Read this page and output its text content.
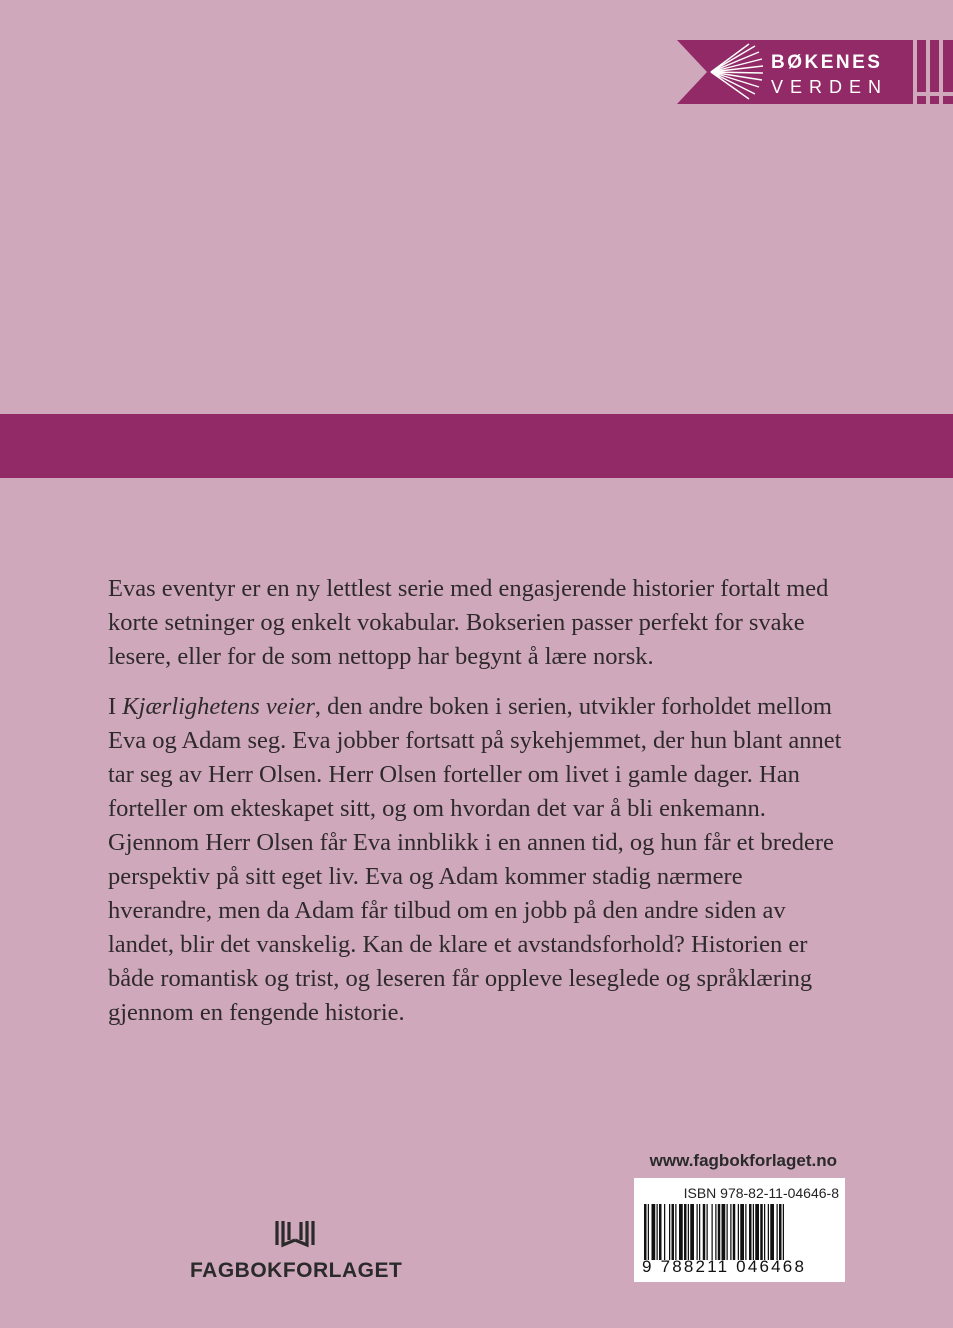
BØKENES
VERDEN

Evas eventyr er en ny lettlest serie med engasjerende historier fortalt med korte setninger og enkelt vokabular. Bokserien passer perfekt for svake lesere, eller for de som nettopp har begynt å lære norsk.

I Kjærlighetens veier, den andre boken i serien, utvikler forholdet mellom Eva og Adam seg. Eva jobber fortsatt på sykehjemmet, der hun blant annet tar seg av Herr Olsen. Herr Olsen forteller om livet i gamle dager. Han forteller om ekteskapet sitt, og om hvordan det var å bli enkemann. Gjennom Herr Olsen får Eva innblikk i en annen tid, og hun får et bredere perspektiv på sitt eget liv. Eva og Adam kommer stadig nærmere hverandre, men da Adam får tilbud om en jobb på den andre siden av landet, blir det vanskelig. Kan de klare et avstandsforhold? Historien er både romantisk og trist, og leseren får oppleve leseglede og språklæring gjennom en fengende historie.

www.fagbokforlaget.no
ISBN 978-82-11-04646-8
9 788211 046468
FAGBOKFORLAGET
